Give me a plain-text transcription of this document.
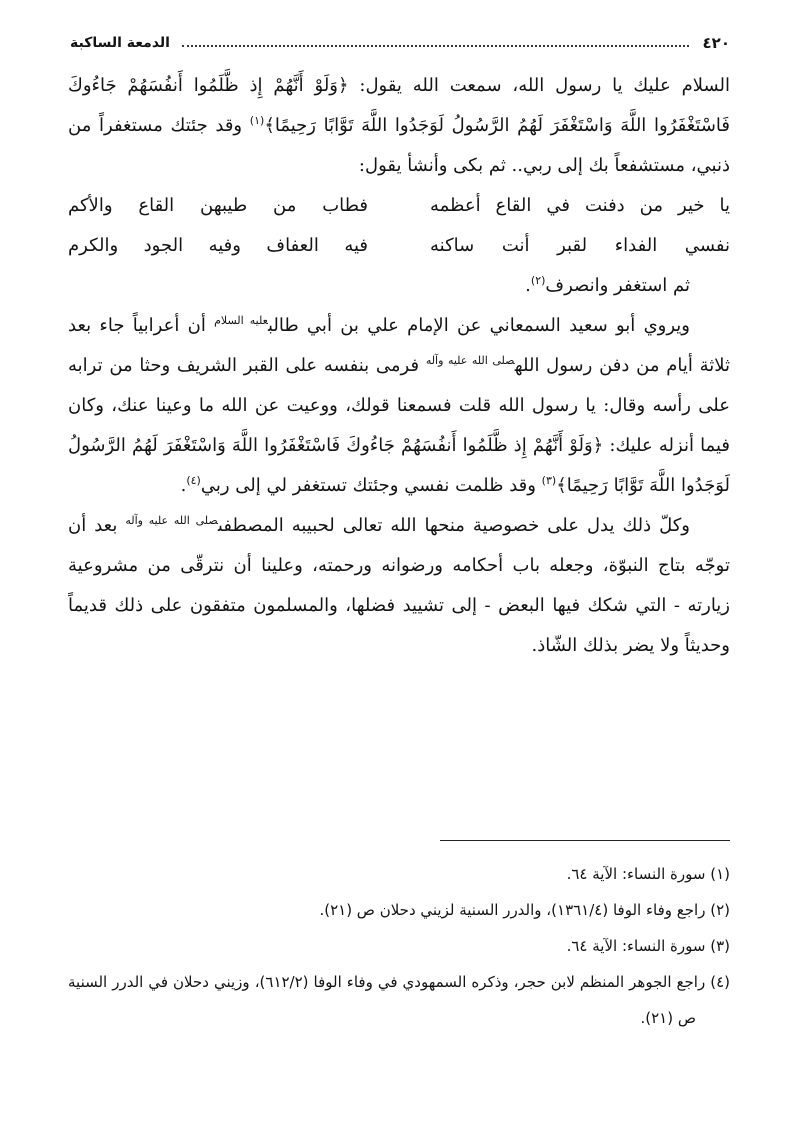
٤٢٠
الدمعة الساكبة

السلام عليك يا رسول الله، سمعت الله يقول: ﴿وَلَوْ أَنَّهُمْ إِذ ظَّلَمُوا أَنفُسَهُمْ جَاءُوكَ فَاسْتَغْفَرُوا اللَّهَ وَاسْتَغْفَرَ لَهُمُ الرَّسُولُ لَوَجَدُوا اللَّهَ تَوَّابًا رَحِيمًا﴾$^{(١)}$ وقد جئتك مستغفراً من ذنبي، مستشفعاً بك إلى ربي.. ثم بكى وأنشأ يقول:

يا خير من دفنت في القاع أعظمه
فطاب من طيبهن القاع والأكم
نفسي الفداء لقبر أنت ساكنه
فيه العفاف وفيه الجود والكرم

ثم استغفر وانصرف$^{(٢)}$.

ويروي أبو سعيد السمعاني عن الإمام علي بن أبي طالب$^{عليه السلام}$ أن أعرابياً جاء بعد ثلاثة أيام من دفن رسول الله$^{صلى الله عليه وآله}$ فرمى بنفسه على القبر الشريف وحثا من ترابه على رأسه وقال: يا رسول الله قلت فسمعنا قولك، ووعيت عن الله ما وعينا عنك، وكان فيما أنزله عليك: ﴿وَلَوْ أَنَّهُمْ إِذ ظَّلَمُوا أَنفُسَهُمْ جَاءُوكَ فَاسْتَغْفَرُوا اللَّهَ وَاسْتَغْفَرَ لَهُمُ الرَّسُولُ لَوَجَدُوا اللَّهَ تَوَّابًا رَحِيمًا﴾$^{(٣)}$ وقد ظلمت نفسي وجئتك تستغفر لي إلى ربي$^{(٤)}$.

وكلّ ذلك يدل على خصوصية منحها الله تعالى لحبيبه المصطفى$^{صلى الله عليه وآله}$ بعد أن توجّه بتاج النبوّة، وجعله باب أحكامه ورضوانه ورحمته، وعلينا أن نترقّى من مشروعية زيارته - التي شكك فيها البعض - إلى تشييد فضلها، والمسلمون متفقون على ذلك قديماً وحديثاً ولا يضر بذلك الشّاذ.

(١) سورة النساء: الآية ٦٤.

(٢) راجع وفاء الوفا (١٣٦١/٤)، والدرر السنية لزيني دحلان ص (٢١).

(٣) سورة النساء: الآية ٦٤.

(٤) راجع الجوهر المنظم لابن حجر، وذكره السمهودي في وفاء الوفا (٦١٢/٢)، وزيني دحلان في الدرر السنية ص (٢١).
